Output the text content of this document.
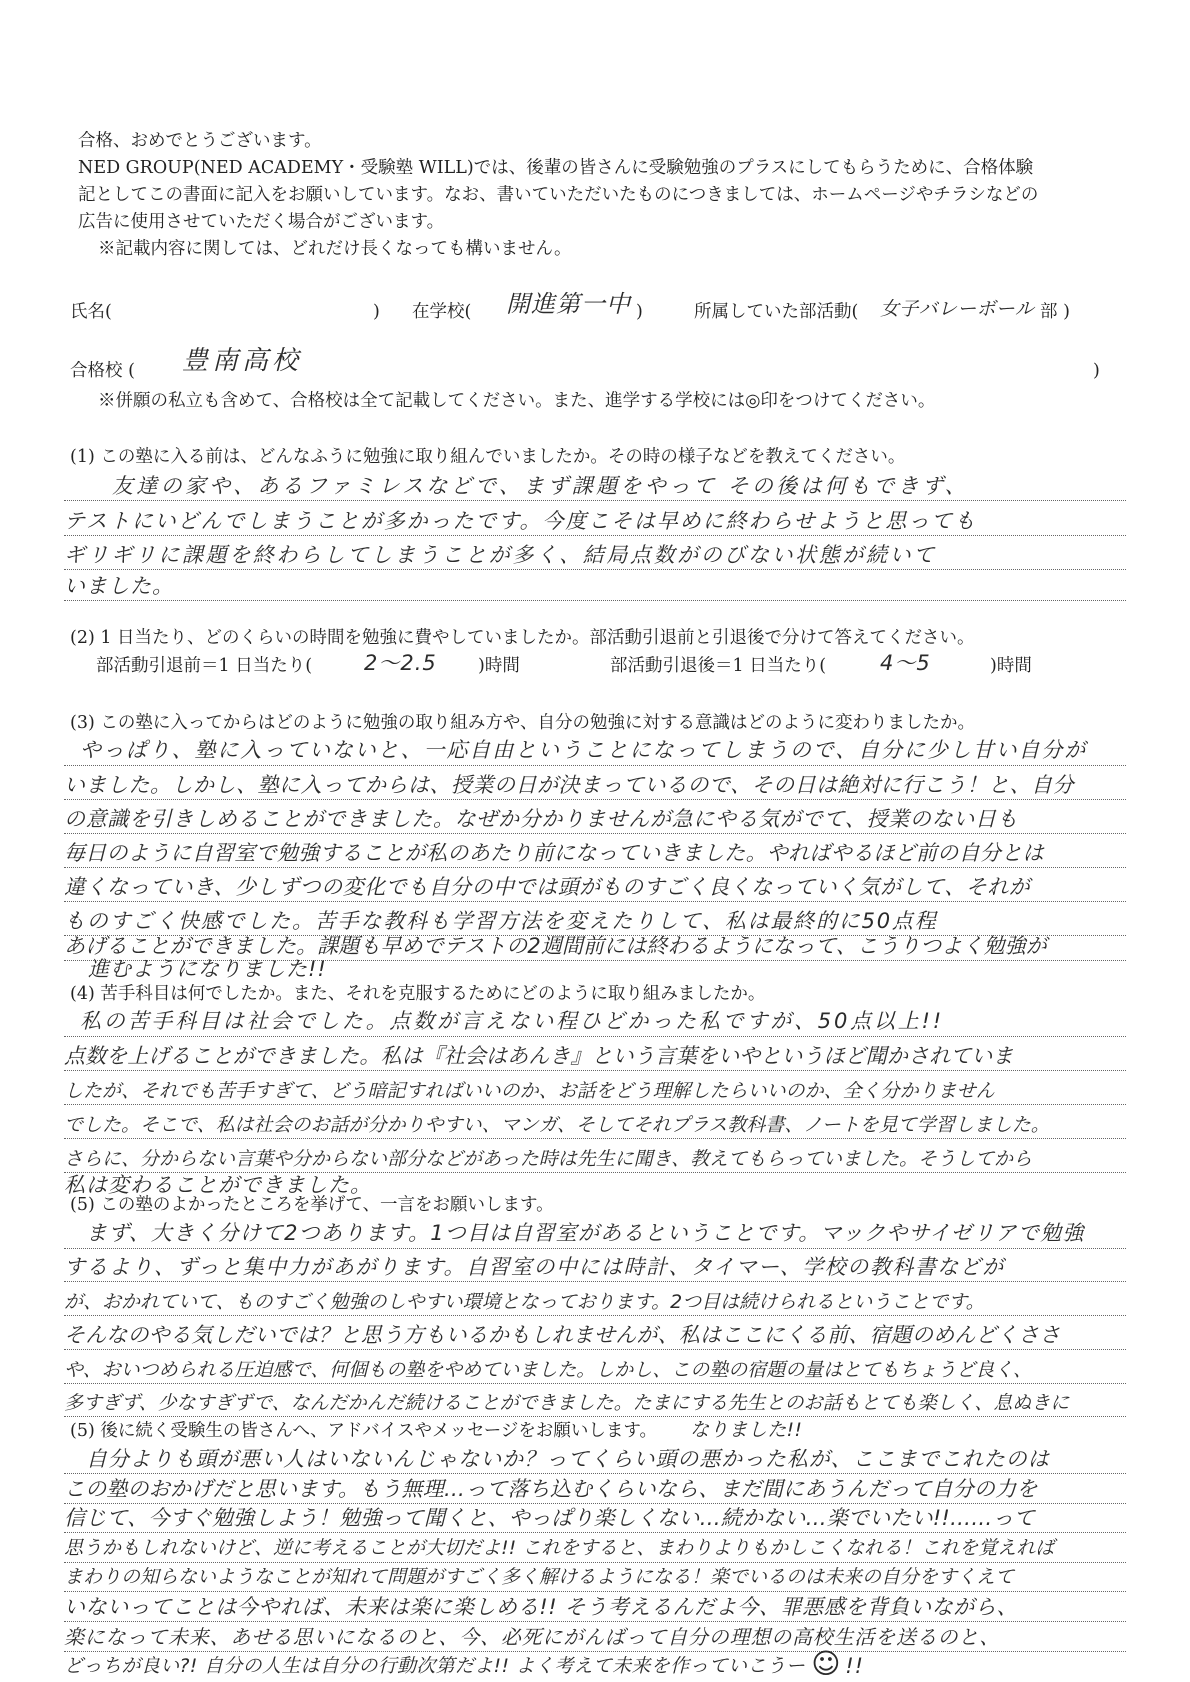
合格、おめでとうございます。
NED GROUP(NED ACADEMY・受験塾 WILL)では、後輩の皆さんに受験勉強のプラスにしてもらうために、合格体験
記としてこの書面に記入をお願いしています。なお、書いていただいたものにつきましては、ホームページやチラシなどの
広告に使用させていただく場合がございます。
※記載内容に関しては、どれだけ長くなっても構いません。
氏名(	) 在学校( 開進第一中 )	所属していた部活動( 女子バレーボール 部 )
合格校 ( 豊南高校	)
※併願の私立も含めて、合格校は全て記載してください。また、進学する学校には◎印をつけてください。
(1) この塾に入る前は、どんなふうに勉強に取り組んでいましたか。その時の様子などを教えてください。
友達の家や、あるファミレスなどで、まず課題をやって その後は何もできず、
テストにいどんでしまうことが多かったです。今度こそは早めに終わらせようと思っても
ギリギリに課題を終わらしてしまうことが多く、結局点数がのびない状態が続いて
いました。
(2) 1 日当たり、どのくらいの時間を勉強に費やしていましたか。部活動引退前と引退後で分けて答えてください。
部活動引退前＝1 日当たり( 2〜2.5 )時間	部活動引退後＝1 日当たり(	4〜5	)時間
(3) この塾に入ってからはどのように勉強の取り組み方や、自分の勉強に対する意識はどのように変わりましたか。
やっぱり、塾に入っていないと、一応自由ということになってしまうので、自分に少し甘い自分が
いました。しかし、塾に入ってからは、授業の日が決まっているので、その日は絶対に行こう！と、自分
の意識を引きしめることができました。なぜか分かりませんが急にやる気がでて、授業のない日も
毎日のように自習室で勉強することが私のあたり前になっていきました。やればやるほど前の自分とは
違くなっていき、少しずつの変化でも自分の中では頭がものすごく良くなっていく気がして、それが
ものすごく快感でした。苦手な教科も学習方法を変えたりして、私は最終的に50点程
あげることができました。課題も早めでテストの2週間前には終わるようになって、こうりつよく勉強が
進むようになりました!!
(4) 苦手科目は何でしたか。また、それを克服するためにどのように取り組みましたか。
私の苦手科目は社会でした。点数が言えない程ひどかった私ですが、50点以上!!
点数を上げることができました。私は『社会はあんき』という言葉をいやというほど聞かされていま
したが、それでも苦手すぎて、どう暗記すればいいのか、お話をどう理解したらいいのか、全く分かりません
でした。そこで、私は社会のお話が分かりやすい、マンガ、そしてそれプラス教科書、ノートを見て学習しました。
さらに、分からない言葉や分からない部分などがあった時は先生に聞き、教えてもらっていました。そうしてから
私は変わることができました。
(5) この塾のよかったところを挙げて、一言をお願いします。
まず、大きく分けて2つあります。1つ目は自習室があるということです。マックやサイゼリアで勉強
するより、ずっと集中力があがります。自習室の中には時計、タイマー、学校の教科書などが
が、おかれていて、ものすごく勉強のしやすい環境となっております。2つ目は続けられるということです。
そんなのやる気しだいでは？と思う方もいるかもしれませんが、私はここにくる前、宿題のめんどくささ
や、おいつめられる圧迫感で、何個もの塾をやめていました。しかし、この塾の宿題の量はとてもちょうど良く、
多すぎず、少なすぎずで、なんだかんだ続けることができました。たまにする先生とのお話もとても楽しく、息ぬきに
なりました!!
(5) 後に続く受験生の皆さんへ、アドバイスやメッセージをお願いします。
自分よりも頭が悪い人はいないんじゃないか？ってくらい頭の悪かった私が、ここまでこれたのは
この塾のおかげだと思います。もう無理…って落ち込むくらいなら、まだ間にあうんだって自分の力を
信じて、今すぐ勉強しよう！勉強って聞くと、やっぱり楽しくない…続かない…楽でいたい!!……って
思うかもしれないけど、逆に考えることが大切だよ!! これをすると、まわりよりもかしこくなれる！これを覚えれば
まわりの知らないようなことが知れて問題がすごく多く解けるようになる！楽でいるのは未来の自分をすくえて
いないってことは今やれば、未来は楽に楽しめる!! そう考えるんだよ今、罪悪感を背負いながら、
楽になって未来、あせる思いになるのと、今、必死にがんばって自分の理想の高校生活を送るのと、
どっちが良い?! 自分の人生は自分の行動次第だよ!! よく考えて未来を作っていこうー ☺ !!
